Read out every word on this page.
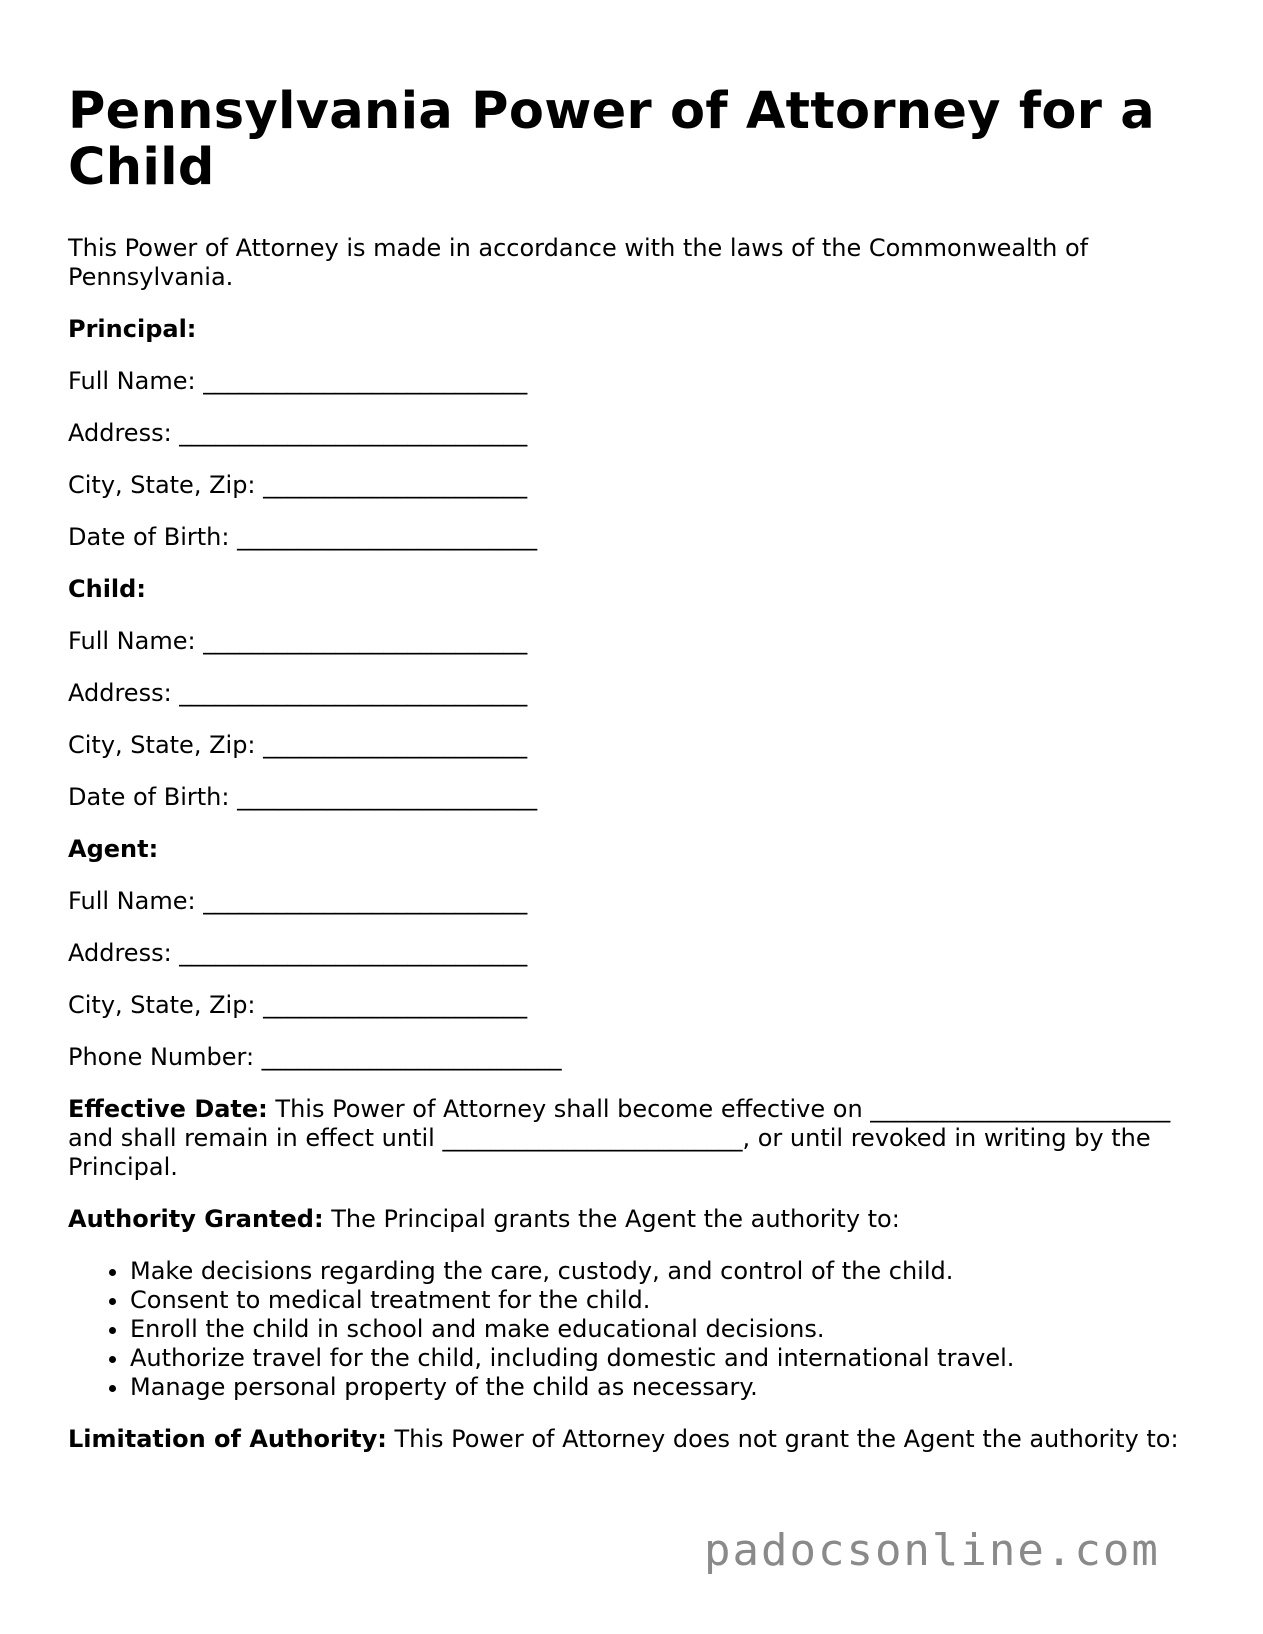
Pennsylvania Power of Attorney for a Child

This Power of Attorney is made in accordance with the laws of the Commonwealth of Pennsylvania.

Principal:

Full Name: ___________________________

Address: _____________________________

City, State, Zip: ______________________

Date of Birth: _________________________

Child:

Full Name: ___________________________

Address: _____________________________

City, State, Zip: ______________________

Date of Birth: _________________________

Agent:

Full Name: ___________________________

Address: _____________________________

City, State, Zip: ______________________

Phone Number: _________________________

Effective Date: This Power of Attorney shall become effective on _________________________ and shall remain in effect until _________________________, or until revoked in writing by the Principal.

Authority Granted: The Principal grants the Agent the authority to:

• Make decisions regarding the care, custody, and control of the child.
• Consent to medical treatment for the child.
• Enroll the child in school and make educational decisions.
• Authorize travel for the child, including domestic and international travel.
• Manage personal property of the child as necessary.

Limitation of Authority: This Power of Attorney does not grant the Agent the authority to:

padocsonline.com
